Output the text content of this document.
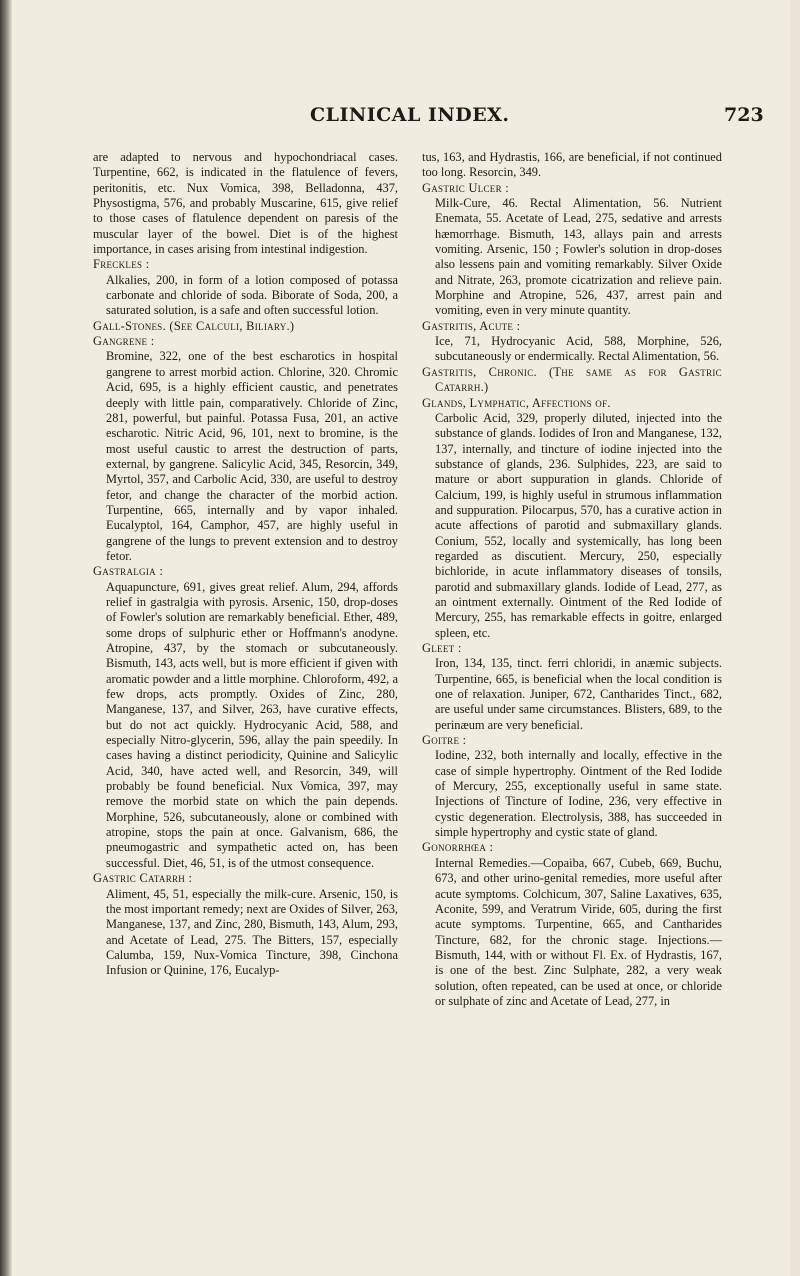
CLINICAL INDEX.	723

are adapted to nervous and hypochondriacal cases. Turpentine, 662, is indicated in the flatulence of fevers, peritonitis, etc. Nux Vomica, 398, Belladonna, 437, Physostigma, 576, and probably Muscarine, 615, give relief to those cases of flatulence dependent on paresis of the muscular layer of the bowel. Diet is of the highest importance, in cases arising from intestinal indigestion.

Freckles :

Alkalies, 200, in form of a lotion composed of potassa carbonate and chloride of soda. Biborate of Soda, 200, a saturated solution, is a safe and often successful lotion.

Gall-Stones. (See Calculi, Biliary.)

Gangrene :

Bromine, 322, one of the best escharotics in hospital gangrene to arrest morbid action. Chlorine, 320. Chromic Acid, 695, is a highly efficient caustic, and penetrates deeply with little pain, comparatively. Chloride of Zinc, 281, powerful, but painful. Potassa Fusa, 201, an active escharotic. Nitric Acid, 96, 101, next to bromine, is the most useful caustic to arrest the destruction of parts, external, by gangrene. Salicylic Acid, 345, Resorcin, 349, Myrtol, 357, and Carbolic Acid, 330, are useful to destroy fetor, and change the character of the morbid action. Turpentine, 665, internally and by vapor inhaled. Eucalyptol, 164, Camphor, 457, are highly useful in gangrene of the lungs to prevent extension and to destroy fetor.

Gastralgia :

Aquapuncture, 691, gives great relief. Alum, 294, affords relief in gastralgia with pyrosis. Arsenic, 150, drop-doses of Fowler's solution are remarkably beneficial. Ether, 489, some drops of sulphuric ether or Hoffmann's anodyne. Atropine, 437, by the stomach or subcutaneously. Bismuth, 143, acts well, but is more efficient if given with aromatic powder and a little morphine. Chloroform, 492, a few drops, acts promptly. Oxides of Zinc, 280, Manganese, 137, and Silver, 263, have curative effects, but do not act quickly. Hydrocyanic Acid, 588, and especially Nitro-glycerin, 596, allay the pain speedily. In cases having a distinct periodicity, Quinine and Salicylic Acid, 340, have acted well, and Resorcin, 349, will probably be found beneficial. Nux Vomica, 397, may remove the morbid state on which the pain depends. Morphine, 526, subcutaneously, alone or combined with atropine, stops the pain at once. Galvanism, 686, the pneumogastric and sympathetic acted on, has been successful. Diet, 46, 51, is of the utmost consequence.

Gastric Catarrh :

Aliment, 45, 51, especially the milk-cure. Arsenic, 150, is the most important remedy; next are Oxides of Silver, 263, Manganese, 137, and Zinc, 280, Bismuth, 143, Alum, 293, and Acetate of Lead, 275. The Bitters, 157, especially Calumba, 159, Nux-Vomica Tincture, 398, Cinchona Infusion or Quinine, 176, Eucalyp-

tus, 163, and Hydrastis, 166, are beneficial, if not continued too long. Resorcin, 349.

Gastric Ulcer :

Milk-Cure, 46. Rectal Alimentation, 56. Nutrient Enemata, 55. Acetate of Lead, 275, sedative and arrests hæmorrhage. Bismuth, 143, allays pain and arrests vomiting. Arsenic, 150 ; Fowler's solution in drop-doses also lessens pain and vomiting remarkably. Silver Oxide and Nitrate, 263, promote cicatrization and relieve pain. Morphine and Atropine, 526, 437, arrest pain and vomiting, even in very minute quantity.

Gastritis, Acute :

Ice, 71, Hydrocyanic Acid, 588, Morphine, 526, subcutaneously or endermically. Rectal Alimentation, 56.

Gastritis, Chronic. (The same as for Gastric Catarrh.)

Glands, Lymphatic, Affections of.

Carbolic Acid, 329, properly diluted, injected into the substance of glands. Iodides of Iron and Manganese, 132, 137, internally, and tincture of iodine injected into the substance of glands, 236. Sulphides, 223, are said to mature or abort suppuration in glands. Chloride of Calcium, 199, is highly useful in strumous inflammation and suppuration. Pilocarpus, 570, has a curative action in acute affections of parotid and submaxillary glands. Conium, 552, locally and systemically, has long been regarded as discutient. Mercury, 250, especially bichloride, in acute inflammatory diseases of tonsils, parotid and submaxillary glands. Iodide of Lead, 277, as an ointment externally. Ointment of the Red Iodide of Mercury, 255, has remarkable effects in goitre, enlarged spleen, etc.

Gleet :

Iron, 134, 135, tinct. ferri chloridi, in anæmic subjects. Turpentine, 665, is beneficial when the local condition is one of relaxation. Juniper, 672, Cantharides Tinct., 682, are useful under same circumstances. Blisters, 689, to the perinæum are very beneficial.

Goitre :

Iodine, 232, both internally and locally, effective in the case of simple hypertrophy. Ointment of the Red Iodide of Mercury, 255, exceptionally useful in same state. Injections of Tincture of Iodine, 236, very effective in cystic degeneration. Electrolysis, 388, has succeeded in simple hypertrophy and cystic state of gland.

Gonorrhœa :

Internal Remedies.—Copaiba, 667, Cubeb, 669, Buchu, 673, and other urino-genital remedies, more useful after acute symptoms. Colchicum, 307, Saline Laxatives, 635, Aconite, 599, and Veratrum Viride, 605, during the first acute symptoms. Turpentine, 665, and Cantharides Tincture, 682, for the chronic stage. Injections.—Bismuth, 144, with or without Fl. Ex. of Hydrastis, 167, is one of the best. Zinc Sulphate, 282, a very weak solution, often repeated, can be used at once, or chloride or sulphate of zinc and Acetate of Lead, 277, in
